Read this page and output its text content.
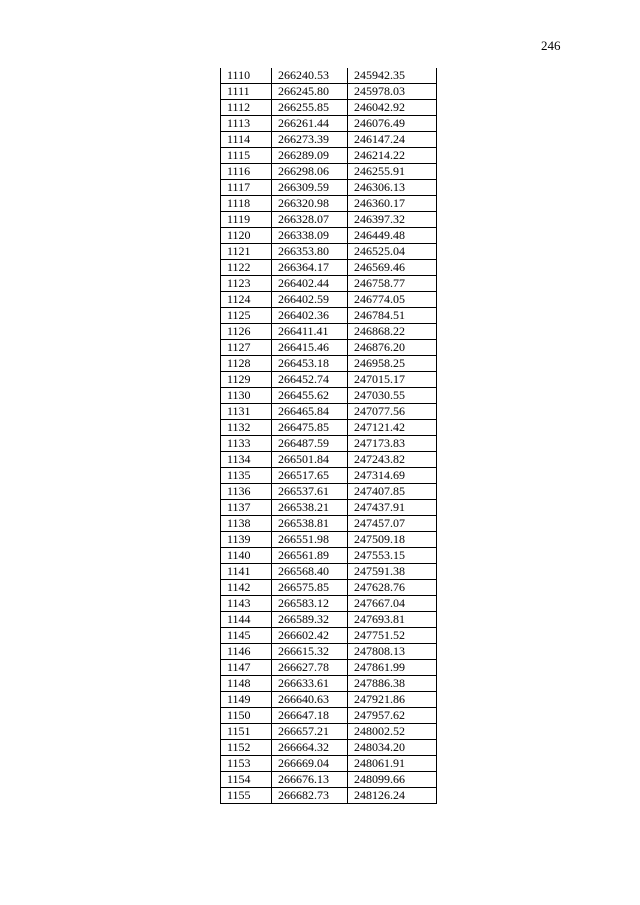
246
1110	266240.53	245942.35
1111	266245.80	245978.03
1112	266255.85	246042.92
1113	266261.44	246076.49
1114	266273.39	246147.24
1115	266289.09	246214.22
1116	266298.06	246255.91
1117	266309.59	246306.13
1118	266320.98	246360.17
1119	266328.07	246397.32
1120	266338.09	246449.48
1121	266353.80	246525.04
1122	266364.17	246569.46
1123	266402.44	246758.77
1124	266402.59	246774.05
1125	266402.36	246784.51
1126	266411.41	246868.22
1127	266415.46	246876.20
1128	266453.18	246958.25
1129	266452.74	247015.17
1130	266455.62	247030.55
1131	266465.84	247077.56
1132	266475.85	247121.42
1133	266487.59	247173.83
1134	266501.84	247243.82
1135	266517.65	247314.69
1136	266537.61	247407.85
1137	266538.21	247437.91
1138	266538.81	247457.07
1139	266551.98	247509.18
1140	266561.89	247553.15
1141	266568.40	247591.38
1142	266575.85	247628.76
1143	266583.12	247667.04
1144	266589.32	247693.81
1145	266602.42	247751.52
1146	266615.32	247808.13
1147	266627.78	247861.99
1148	266633.61	247886.38
1149	266640.63	247921.86
1150	266647.18	247957.62
1151	266657.21	248002.52
1152	266664.32	248034.20
1153	266669.04	248061.91
1154	266676.13	248099.66
1155	266682.73	248126.24
